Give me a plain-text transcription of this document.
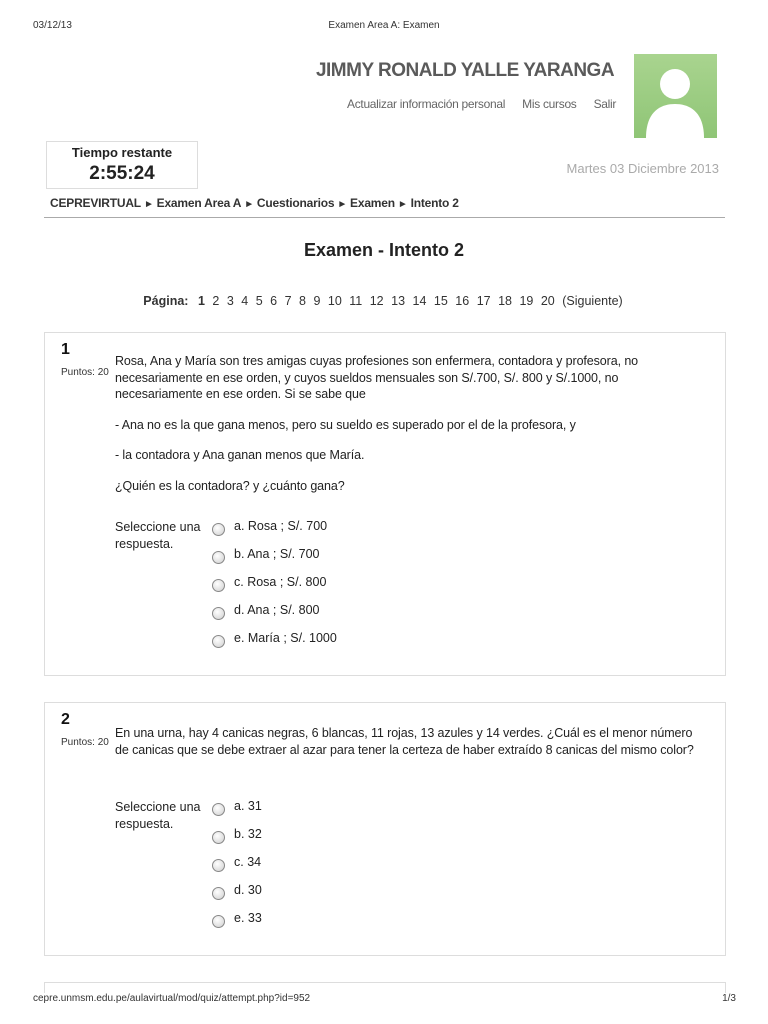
03/12/13	Examen Area A: Examen
JIMMY RONALD YALLE YARANGA
Actualizar información personal Mis cursos Salir
Tiempo restante
2:55:24	Martes 03 Diciembre 2013
CEPREVIRTUAL ► Examen Area A ► Cuestionarios ► Examen ► Intento 2
Examen - Intento 2
Página: 1 2 3 4 5 6 7 8 9 10 11 12 13 14 15 16 17 18 19 20 (Siguiente)
1
Puntos: 20

Rosa, Ana y María son tres amigas cuyas profesiones son enfermera, contadora y profesora, no necesariamente en ese orden, y cuyos sueldos mensuales son S/.700, S/. 800 y S/.1000, no necesariamente en ese orden. Si se sabe que

- Ana no es la que gana menos, pero su sueldo es superado por el de la profesora, y

- la contadora y Ana ganan menos que María.

¿Quién es la contadora? y ¿cuánto gana?

Seleccione una respuesta.
a. Rosa ; S/. 700
b. Ana ; S/. 700
c. Rosa ; S/. 800
d. Ana ; S/. 800
e. María ; S/. 1000
2
Puntos: 20

En una urna, hay 4 canicas negras, 6 blancas, 11 rojas, 13 azules y 14 verdes. ¿Cuál es el menor número de canicas que se debe extraer al azar para tener la certeza de haber extraído 8 canicas del mismo color?

Seleccione una respuesta.
a. 31
b. 32
c. 34
d. 30
e. 33
cepre.unmsm.edu.pe/aulavirtual/mod/quiz/attempt.php?id=952	1/3
